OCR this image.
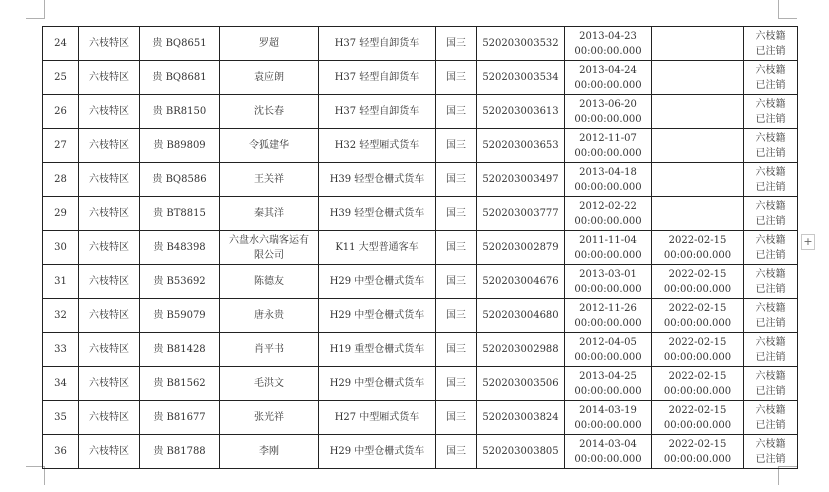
24	六枝特区	贵 BQ8651	罗超	H37 轻型自卸货车	国三	520203003532	2013-04-23
00:00:00.000		六枝籍
已注销

25	六枝特区	贵 BQ8681	袁应朗	H37 轻型自卸货车	国三	520203003534	2013-04-24
00:00:00.000		六枝籍
已注销

26	六枝特区	贵 BR8150	沈长春	H37 轻型自卸货车	国三	520203003613	2013-06-20
00:00:00.000		六枝籍
已注销

27	六枝特区	贵 B89809	令狐建华	H32 轻型厢式货车	国三	520203003653	2012-11-07
00:00:00.000		六枝籍
已注销

28	六枝特区	贵 BQ8586	王关祥	H39 轻型仓栅式货车	国三	520203003497	2013-04-18
00:00:00.000		六枝籍
已注销

29	六枝特区	贵 BT8815	秦其洋	H39 轻型仓栅式货车	国三	520203003777	2012-02-22
00:00:00.000		六枝籍
已注销

30	六枝特区	贵 B48398	六盘水六瑞客运有
限公司	K11 大型普通客车	国三	520203002879	2011-11-04
00:00:00.000	2022-02-15
00:00:00.000	六枝籍
已注销

31	六枝特区	贵 B53692	陈德友	H29 中型仓栅式货车	国三	520203004676	2013-03-01
00:00:00.000	2022-02-15
00:00:00.000	六枝籍
已注销

32	六枝特区	贵 B59079	唐永贵	H29 中型仓栅式货车	国三	520203004680	2012-11-26
00:00:00.000	2022-02-15
00:00:00.000	六枝籍
已注销

33	六枝特区	贵 B81428	肖平书	H19 重型仓栅式货车	国三	520203002988	2012-04-05
00:00:00.000	2022-02-15
00:00:00.000	六枝籍
已注销

34	六枝特区	贵 B81562	毛洪文	H29 中型仓栅式货车	国三	520203003506	2013-04-25
00:00:00.000	2022-02-15
00:00:00.000	六枝籍
已注销

35	六枝特区	贵 B81677	张光祥	H27 中型厢式货车	国三	520203003824	2014-03-19
00:00:00.000	2022-02-15
00:00:00.000	六枝籍
已注销

36	六枝特区	贵 B81788	李刚	H29 中型仓栅式货车	国三	520203003805	2014-03-04
00:00:00.000	2022-02-15
00:00:00.000	六枝籍
已注销
+
